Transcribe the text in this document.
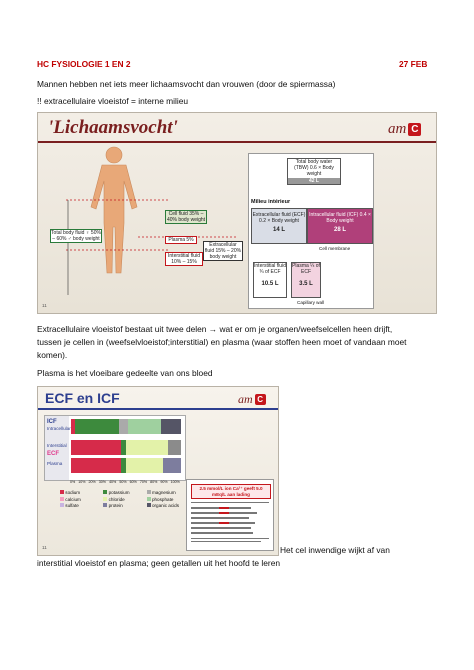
HC FYSIOLOGIE 1 EN 2	27 FEB
Mannen hebben net iets meer lichaamsvocht dan vrouwen (door de spiermassa)
!! extracellulaire vloeistof = interne milieu
'Lichaamsvocht'	am C
Total body fluid ♀ 50% – 60% ♂ body weight
Cell fluid 35% – 40% body weight
Plasma 5%
Interstitial fluid 10% – 15%
Extracellular fluid 15% – 20% body weight
Total body water (TBW) 0.6 × Body weight
42 L
Milieu intérieur
Extracellular fluid (ECF) 0.2 × Body weight
14 L
Intracellular fluid (ICF) 0.4 × Body weight
28 L
Cell membrane
Interstitial fluid ¾ of ECF
10.5 L
Plasma ¼ of ECF
3.5 L
Capillary wall
11
Extracellulaire vloeistof bestaat uit twee delen → wat er om je organen/weefselcellen heen drijft,
tussen je cellen in (weefselvloeistof;interstitial) en plasma (waar stoffen heen moet of vandaan moet
komen).
Plasma is het vloeibare gedeelte van ons bloed
ECF en ICF	am C
ICF
Intracellular
Interstitial
ECF
Plasma
0% 10% 20% 30% 40% 50% 60% 70% 80% 90% 100%
sodium	potassium	magnesium
calcium	chloride	phosphate
sulfate	protein	organic acids
2.5 mmol/L ion Ca²⁺ geeft 5.0 mEq/L aan lading
11	Het cel inwendige wijkt af van
interstitial vloeistof en plasma; geen getallen uit het hoofd te leren
